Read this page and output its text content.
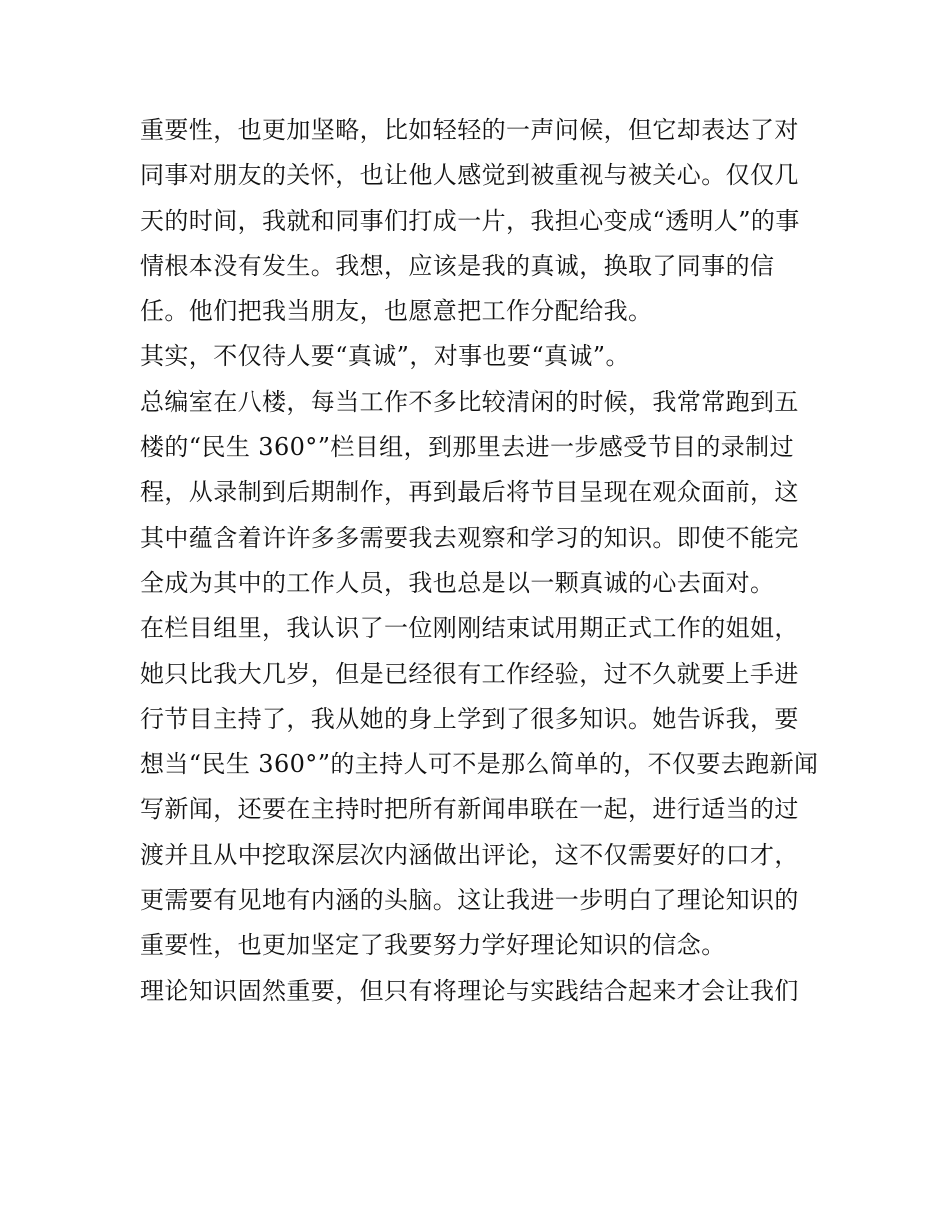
重要性，也更加坚略，比如轻轻的一声问候，但它却表达了对
同事对朋友的关怀，也让他人感觉到被重视与被关心。仅仅几
天的时间，我就和同事们打成一片，我担心变成“透明人”的事
情根本没有发生。我想，应该是我的真诚，换取了同事的信
任。他们把我当朋友，也愿意把工作分配给我。
其实，不仅待人要“真诚”，对事也要“真诚”。
总编室在八楼，每当工作不多比较清闲的时候，我常常跑到五
楼的“民生 360°”栏目组，到那里去进一步感受节目的录制过
程，从录制到后期制作，再到最后将节目呈现在观众面前，这
其中蕴含着许许多多需要我去观察和学习的知识。即使不能完
全成为其中的工作人员，我也总是以一颗真诚的心去面对。
在栏目组里，我认识了一位刚刚结束试用期正式工作的姐姐，
她只比我大几岁，但是已经很有工作经验，过不久就要上手进
行节目主持了，我从她的身上学到了很多知识。她告诉我，要
想当“民生 360°”的主持人可不是那么简单的，不仅要去跑新闻
写新闻，还要在主持时把所有新闻串联在一起，进行适当的过
渡并且从中挖取深层次内涵做出评论，这不仅需要好的口才，
更需要有见地有内涵的头脑。这让我进一步明白了理论知识的
重要性，也更加坚定了我要努力学好理论知识的信念。
理论知识固然重要，但只有将理论与实践结合起来才会让我们
